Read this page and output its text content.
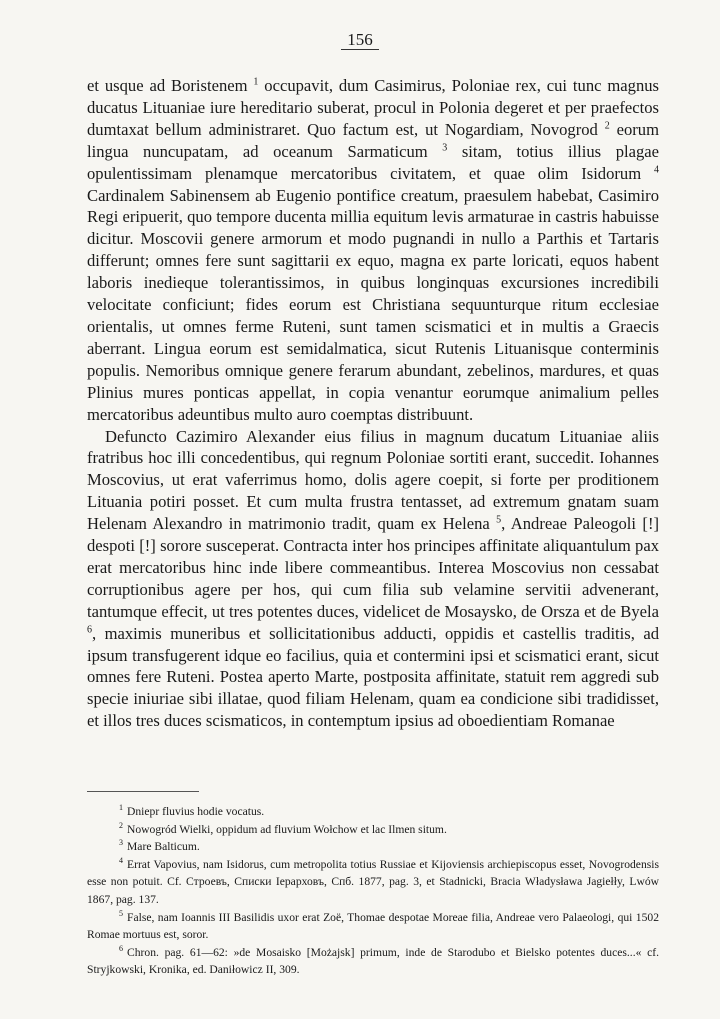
156

et usque ad Boristenem $^1$ occupavit, dum Casimirus, Poloniae rex, cui tunc magnus ducatus Lituaniae iure hereditario suberat, procul in Polonia degeret et per praefectos dumtaxat bellum administraret. Quo factum est, ut Nogardiam, Novogrod $^2$ eorum lingua nuncupatam, ad oceanum Sarmaticum $^3$ sitam, totius illius plagae opulentissimam plenamque mercatoribus civitatem, et quae olim Isidorum $^4$ Cardinalem Sabinensem ab Eugenio pontifice creatum, praesulem habebat, Casimiro Regi eripuerit, quo tempore ducenta millia equitum levis armaturae in castris habuisse dicitur. Moscovii genere armorum et modo pugnandi in nullo a Parthis et Tartaris differunt; omnes fere sunt sagittarii ex equo, magna ex parte loricati, equos habent laboris inedieque tolerantissimos, in quibus longinquas excursiones incredibili velocitate conficiunt; fides eorum est Christiana sequunturque ritum ecclesiae orientalis, ut omnes ferme Ruteni, sunt tamen scismatici et in multis a Graecis aberrant. Lingua eorum est semidalmatica, sicut Rutenis Lituanisque conterminis populis. Nemoribus omnique genere ferarum abundant, zebelinos, mardures, et quas Plinius mures ponticas appellat, in copia venantur eorumque animalium pelles mercatoribus adeuntibus multo auro coemptas distribuunt.

Defuncto Cazimiro Alexander eius filius in magnum ducatum Lituaniae aliis fratribus hoc illi concedentibus, qui regnum Poloniae sortiti erant, succedit. Iohannes Moscovius, ut erat vaferrimus homo, dolis agere coepit, si forte per proditionem Lituania potiri posset. Et cum multa frustra tentasset, ad extremum gnatam suam Helenam Alexandro in matrimonio tradit, quam ex Helena $^5$, Andreae Paleogoli [!] despoti [!] sorore susceperat. Contracta inter hos principes affinitate aliquantulum pax erat mercatoribus hinc inde libere commeantibus. Interea Moscovius non cessabat corruptionibus agere per hos, qui cum filia sub velamine servitii advenerant, tantumque effecit, ut tres potentes duces, videlicet de Mosaysko, de Orsza et de Byela $^6$, maximis muneribus et sollicitationibus adducti, oppidis et castellis traditis, ad ipsum transfugerent idque eo facilius, quia et contermini ipsi et scismatici erant, sicut omnes fere Ruteni. Postea aperto Marte, postposita affinitate, statuit rem aggredi sub specie iniuriae sibi illatae, quod filiam Helenam, quam ea condicione sibi tradidisset, et illos tres duces scismaticos, in contemptum ipsius ad oboedientiam Romanae

$^1$ Dniepr fluvius hodie vocatus.

$^2$ Nowogród Wielki, oppidum ad fluvium Wołchow et lac Ilmen situm.

$^3$ Mare Balticum.

$^4$ Errat Vapovius, nam Isidorus, cum metropolita totius Russiae et Kijoviensis archiepiscopus esset, Novogrodensis esse non potuit. Cf. Строевъ, Списки Іерарховъ, Спб. 1877, pag. 3, et Stadnicki, Bracia Władysława Jagiełły, Lwów 1867, pag. 137.

$^5$ False, nam Ioannis III Basilidis uxor erat Zoë, Thomae despotae Moreae filia, Andreae vero Palaeologi, qui 1502 Romae mortuus est, soror.

$^6$ Chron. pag. 61—62: »de Mosaisko [Możajsk] primum, inde de Starodubo et Bielsko potentes duces...« cf. Stryjkowski, Kronika, ed. Daniłowicz II, 309.
